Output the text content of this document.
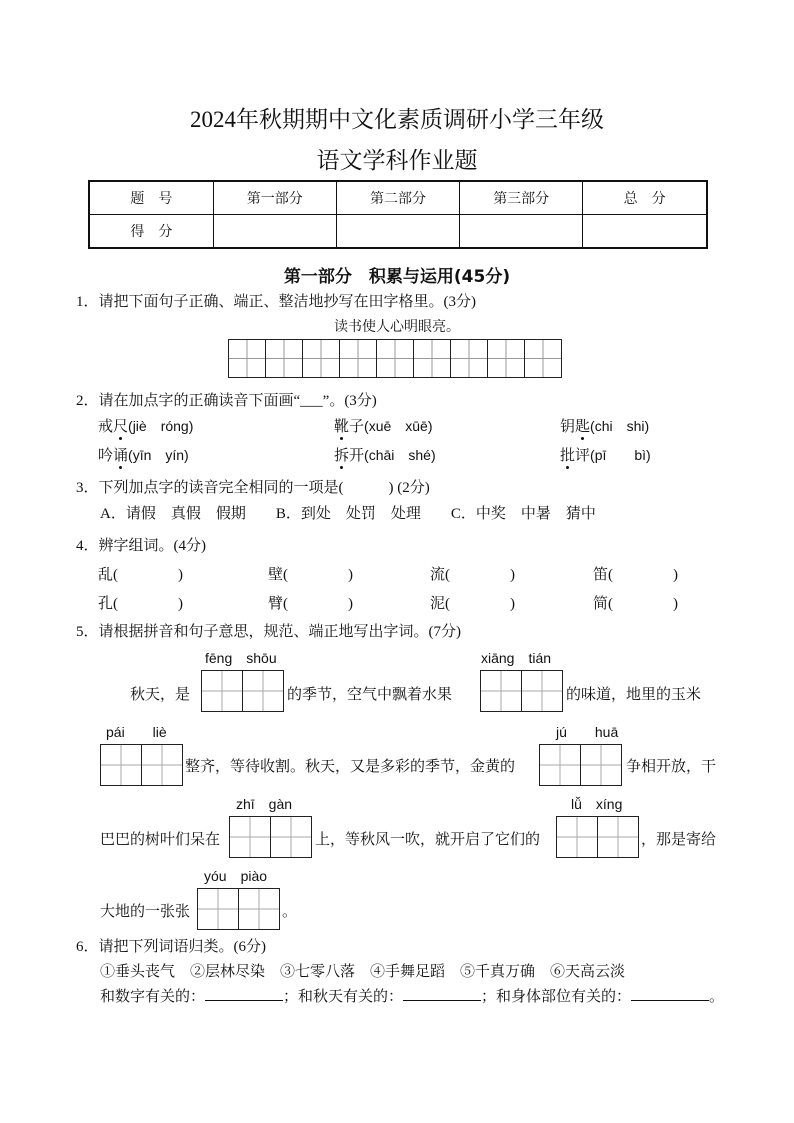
2024年秋期期中文化素质调研小学三年级
语文学科作业题
题　号	第一部分	第二部分	第三部分	总　分
得　分				
第一部分　积累与运用(45分)
1．请把下面句子正确、端正、整洁地抄写在田字格里。(3分)
读书使人心明眼亮。
2．请在加点字的正确读音下面画“___”。(3分)
戒尺(jiè　róng)	靴子(xuē　xūē)	钥匙(chi　shi)
吟诵(yīn　yín)	拆开(chāi　shé)	批评(pī　　bì)
3．下列加点字的读音完全相同的一项是(　　　) (2分)
A．请假　真假　假期　　B．到处　处罚　处理　　C．中奖　中暑　猜中
4．辨字组词。(4分)
乱(　　　　)	壁(　　　　)	流(　　　　)	笛(　　　　)
孔(　　　　)	臂(　　　　)	泥(　　　　)	简(　　　　)
5．请根据拼音和句子意思，规范、端正地写出字词。(7分)
fēng　shōu	xiāng　tián
秋天，是	的季节，空气中飘着水果	的味道，地里的玉米
pái　　liè	jú　　huā
整齐，等待收割。秋天，又是多彩的季节，金黄的	争相开放，干
zhī　gàn	lǚ　xíng
巴巴的树叶们呆在	上，等秋风一吹，就开启了它们的	，那是寄给
yóu　piào
大地的一张张	。
6．请把下列词语归类。(6分)
①垂头丧气　②层林尽染　③七零八落　④手舞足蹈　⑤千真万确　⑥天高云淡
和数字有关的：	；和秋天有关的：	；和身体部位有关的：	。
